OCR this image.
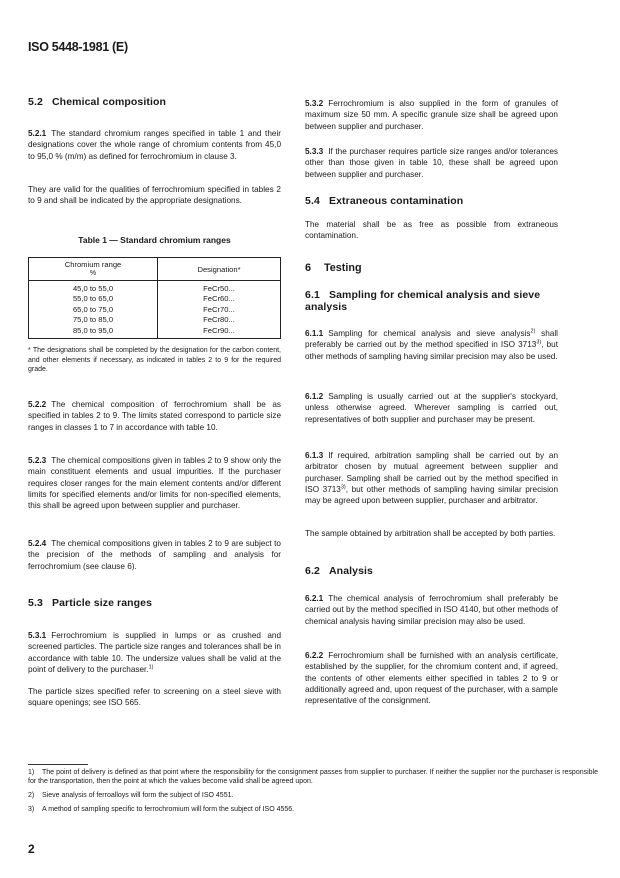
ISO 5448-1981 (E)
5.2 Chemical composition

5.2.1 The standard chromium ranges specified in table 1 and their designations cover the whole range of chromium contents from 45,0 to 95,0 % (m/m) as defined for ferrochromium in clause 3.

They are valid for the qualities of ferrochromium specified in tables 2 to 9 and shall be indicated by the appropriate designations.

Table 1 — Standard chromium ranges
Chromium range
%	Designation*
45,0 to 55,0	FeCr50...
55,0 to 65,0	FeCr60...
65,0 to 75,0	FeCr70...
75,0 to 85,0	FeCr80...
85,0 to 95,0	FeCr90...
* The designations shall be completed by the designation for the carbon content, and other elements if necessary, as indicated in tables 2 to 9 for the required grade.

5.2.2 The chemical composition of ferrochromium shall be as specified in tables 2 to 9. The limits stated correspond to particle size ranges in classes 1 to 7 in accordance with table 10.

5.2.3 The chemical compositions given in tables 2 to 9 show only the main constituent elements and usual impurities. If the purchaser requires closer ranges for the main element contents and/or different limits for specified elements and/or limits for non-specified elements, this shall be agreed upon between supplier and purchaser.

5.2.4 The chemical compositions given in tables 2 to 9 are subject to the precision of the methods of sampling and analysis for ferrochromium (see clause 6).

5.3 Particle size ranges

5.3.1 Ferrochromium is supplied in lumps or as crushed and screened particles. The particle size ranges and tolerances shall be in accordance with table 10. The undersize values shall be valid at the point of delivery to the purchaser.$^{1)}$

The particle sizes specified refer to screening on a steel sieve with square openings; see ISO 565.

5.3.2 Ferrochromium is also supplied in the form of granules of maximum size 50 mm. A specific granule size shall be agreed upon between supplier and purchaser.

5.3.3 If the purchaser requires particle size ranges and/or tolerances other than those given in table 10, these shall be agreed upon between supplier and purchaser.

5.4 Extraneous contamination

The material shall be as free as possible from extraneous contamination.

6 Testing
6.1 Sampling for chemical analysis and sieve analysis

6.1.1 Sampling for chemical analysis and sieve analysis$^{2)}$ shall preferably be carried out by the method specified in ISO 3713$^{3)}$, but other methods of sampling having similar precision may also be used.

6.1.2 Sampling is usually carried out at the supplier's stockyard, unless otherwise agreed. Wherever sampling is carried out, representatives of both supplier and purchaser may be present.

6.1.3 If required, arbitration sampling shall be carried out by an arbitrator chosen by mutual agreement between supplier and purchaser. Sampling shall be carried out by the method specified in ISO 3713$^{3)}$, but other methods of sampling having similar precision may be agreed upon between supplier, purchaser and arbitrator.

The sample obtained by arbitration shall be accepted by both parties.

6.2 Analysis

6.2.1 The chemical analysis of ferrochromium shall preferably be carried out by the method specified in ISO 4140, but other methods of chemical analysis having similar precision may also be used.

6.2.2 Ferrochromium shall be furnished with an analysis certificate, established by the supplier, for the chromium content and, if agreed, the contents of other elements either specified in tables 2 to 9 or additionally agreed and, upon request of the purchaser, with a sample representative of the consignment.

1) The point of delivery is defined as that point where the responsibility for the consignment passes from supplier to purchaser. If neither the supplier nor the purchaser is responsible for the transportation, then the point at which the values become valid shall be agreed upon.
2) Sieve analysis of ferroalloys will form the subject of ISO 4551.
3) A method of sampling specific to ferrochromium will form the subject of ISO 4556.
2
